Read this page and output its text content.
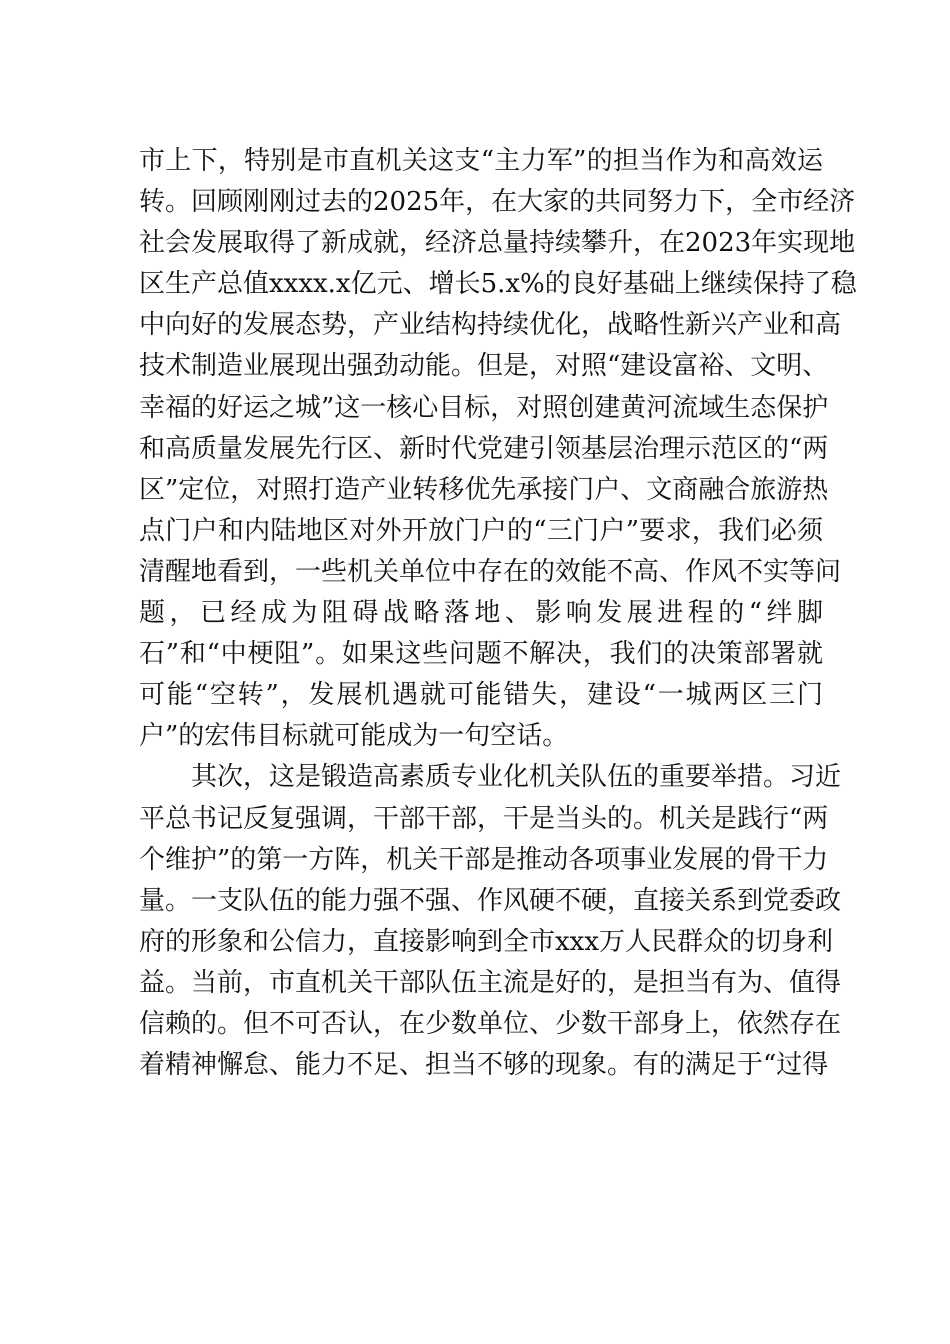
市上下，特别是市直机关这支“主力军”的担当作为和高效运
转。回顾刚刚过去的2025年，在大家的共同努力下，全市经济
社会发展取得了新成就，经济总量持续攀升，在2023年实现地
区生产总值xxxx.x亿元、增长5.x%的良好基础上继续保持了稳
中向好的发展态势，产业结构持续优化，战略性新兴产业和高
技术制造业展现出强劲动能。但是，对照“建设富裕、文明、
幸福的好运之城”这一核心目标，对照创建黄河流域生态保护
和高质量发展先行区、新时代党建引领基层治理示范区的“两
区”定位，对照打造产业转移优先承接门户、文商融合旅游热
点门户和内陆地区对外开放门户的“三门户”要求，我们必须
清醒地看到，一些机关单位中存在的效能不高、作风不实等问
题，已经成为阻碍战略落地、影响发展进程的“绊脚
石”和“中梗阻”。如果这些问题不解决，我们的决策部署就
可能“空转”，发展机遇就可能错失，建设“一城两区三门
户”的宏伟目标就可能成为一句空话。
其次，这是锻造高素质专业化机关队伍的重要举措。习近
平总书记反复强调，干部干部，干是当头的。机关是践行“两
个维护”的第一方阵，机关干部是推动各项事业发展的骨干力
量。一支队伍的能力强不强、作风硬不硬，直接关系到党委政
府的形象和公信力，直接影响到全市xxx万人民群众的切身利
益。当前，市直机关干部队伍主流是好的，是担当有为、值得
信赖的。但不可否认，在少数单位、少数干部身上，依然存在
着精神懈怠、能力不足、担当不够的现象。有的满足于“过得
